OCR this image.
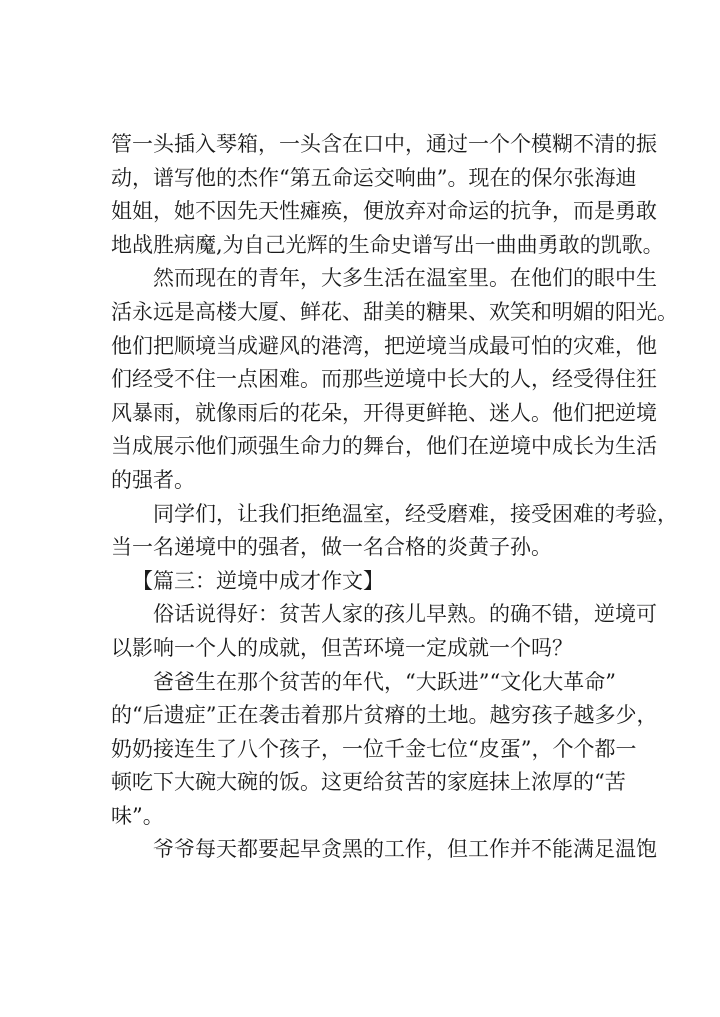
管一头插入琴箱，一头含在口中，通过一个个模糊不清的振
动，谱写他的杰作“第五命运交响曲”。现在的保尔张海迪
姐姐，她不因先天性瘫痪，便放弃对命运的抗争，而是勇敢
地战胜病魔,为自己光辉的生命史谱写出一曲曲勇敢的凯歌。

然而现在的青年，大多生活在温室里。在他们的眼中生
活永远是高楼大厦、鲜花、甜美的糖果、欢笑和明媚的阳光。
他们把顺境当成避风的港湾，把逆境当成最可怕的灾难，他
们经受不住一点困难。而那些逆境中长大的人，经受得住狂
风暴雨，就像雨后的花朵，开得更鲜艳、迷人。他们把逆境
当成展示他们顽强生命力的舞台，他们在逆境中成长为生活
的强者。

同学们，让我们拒绝温室，经受磨难，接受困难的考验，
当一名递境中的强者，做一名合格的炎黄子孙。

【篇三：逆境中成才作文】

俗话说得好：贫苦人家的孩儿早熟。的确不错，逆境可
以影响一个人的成就，但苦环境一定成就一个吗？

爸爸生在那个贫苦的年代，“大跃进”“文化大革命”
的“后遗症”正在袭击着那片贫瘠的土地。越穷孩子越多少，
奶奶接连生了八个孩子，一位千金七位“皮蛋”，个个都一
顿吃下大碗大碗的饭。这更给贫苦的家庭抹上浓厚的“苦
味”。

爷爷每天都要起早贪黑的工作，但工作并不能满足温饱
